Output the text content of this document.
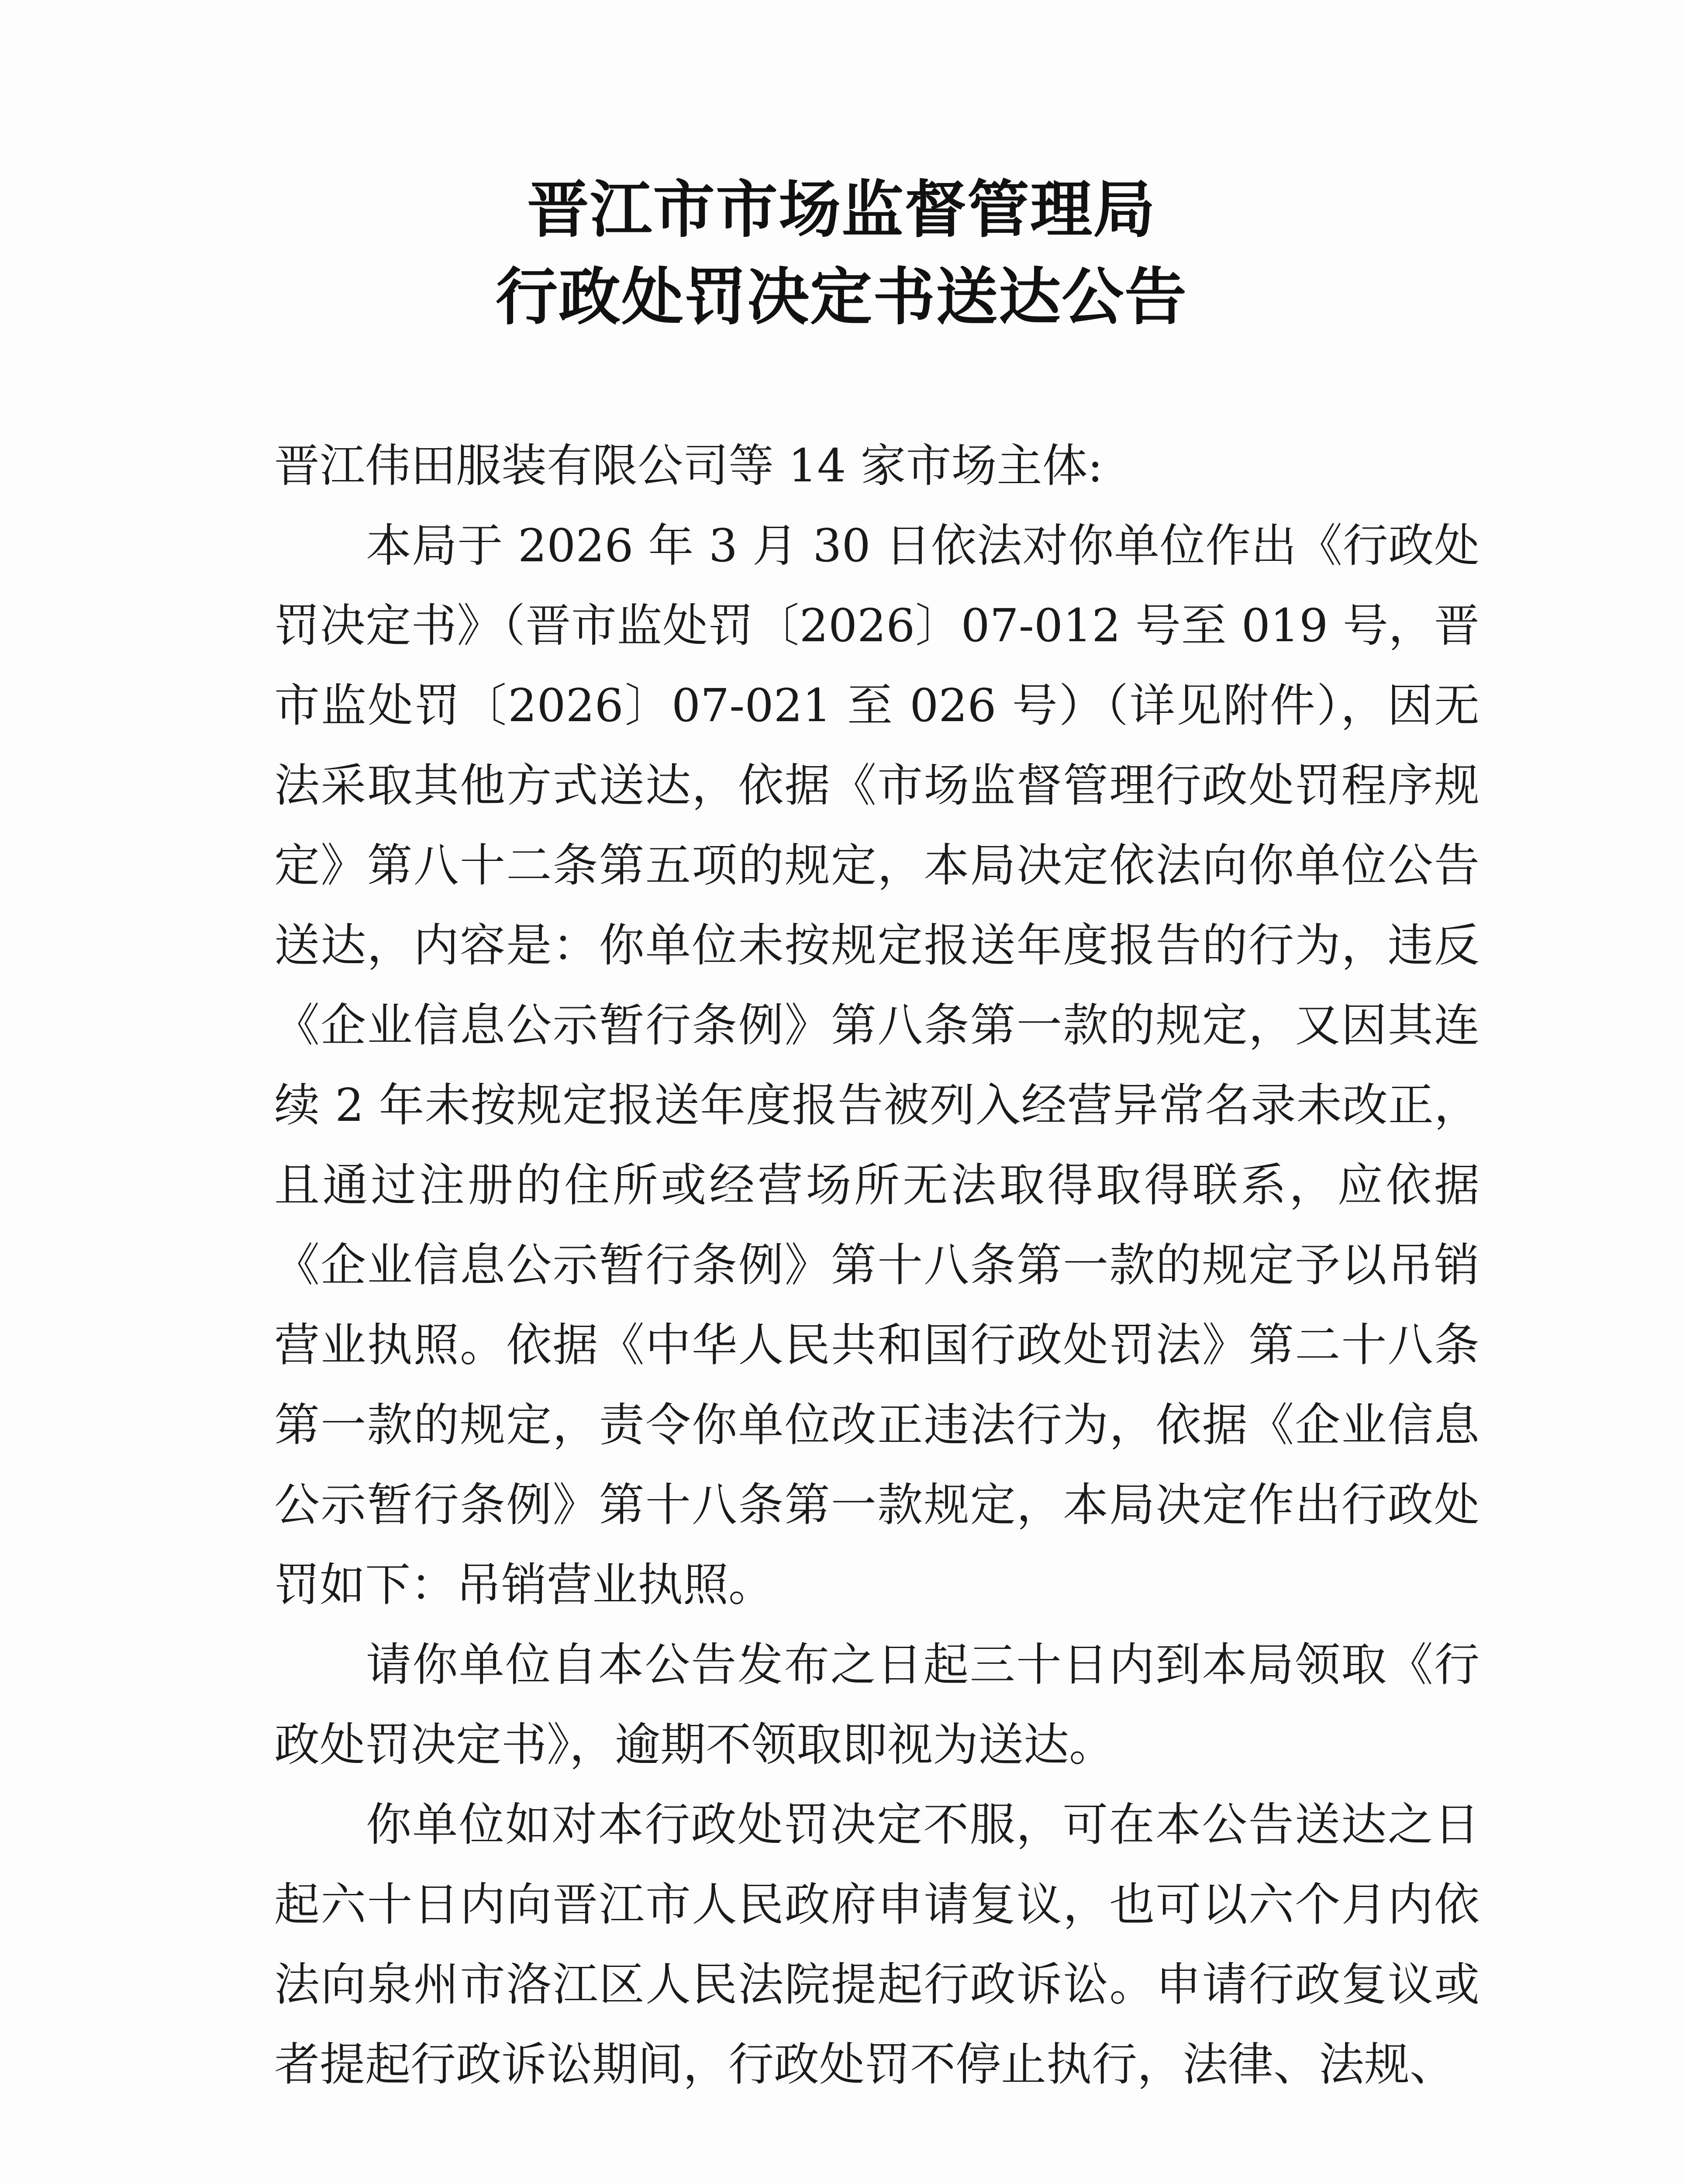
晋江市市场监督管理局
行政处罚决定书送达公告

晋江伟田服装有限公司等 14 家市场主体:

本局于 2026 年 3 月 30 日依法对你单位作出《行政处罚决定书》（晋市监处罚〔2026〕07-012 号至 019 号，晋市监处罚〔2026〕07-021 至 026 号）（详见附件），因无法采取其他方式送达，依据《市场监督管理行政处罚程序规定》第八十二条第五项的规定，本局决定依法向你单位公告送达，内容是：你单位未按规定报送年度报告的行为，违反《企业信息公示暂行条例》第八条第一款的规定，又因其连续 2 年未按规定报送年度报告被列入经营异常名录未改正，且通过注册的住所或经营场所无法取得取得联系，应依据《企业信息公示暂行条例》第十八条第一款的规定予以吊销营业执照。依据《中华人民共和国行政处罚法》第二十八条第一款的规定，责令你单位改正违法行为，依据《企业信息公示暂行条例》第十八条第一款规定，本局决定作出行政处罚如下：吊销营业执照。

请你单位自本公告发布之日起三十日内到本局领取《行政处罚决定书》，逾期不领取即视为送达。

你单位如对本行政处罚决定不服，可在本公告送达之日起六十日内向晋江市人民政府申请复议，也可以六个月内依法向泉州市洛江区人民法院提起行政诉讼。申请行政复议或者提起行政诉讼期间，行政处罚不停止执行，法律、法规、
